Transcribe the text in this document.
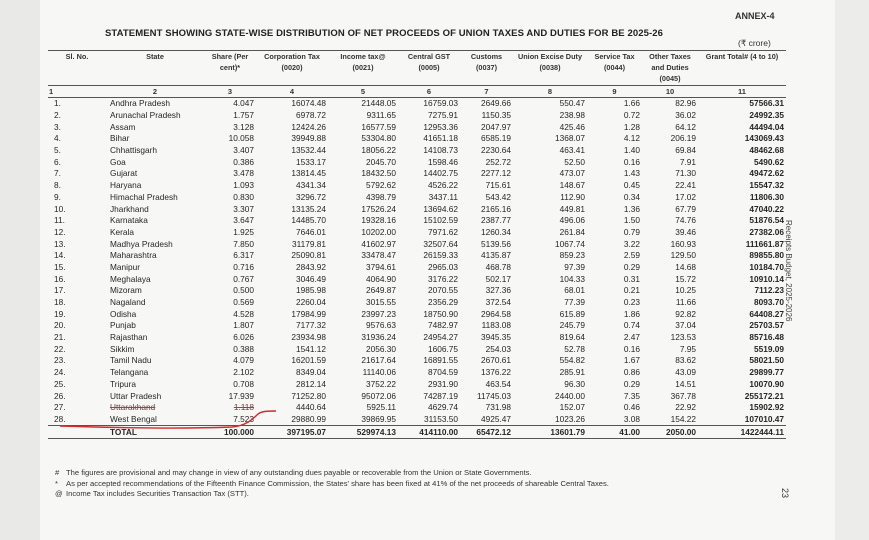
ANNEX-4
STATEMENT SHOWING STATE-WISE DISTRIBUTION OF NET PROCEEDS OF UNION TAXES AND DUTIES FOR BE 2025-26
(₹ crore)
Receipts Budget, 2025-2026
23
Sl. No.	State	Share (Per cent)*	Corporation Tax (0020)	Income tax@ (0021)	Central GST (0005)	Customs (0037)	Union Excise Duty (0038)	Service Tax (0044)	Other Taxes and Duties (0045)	Grant Total# (4 to 10)
1	2	3	4	5	6	7	8	9	10	11
1.	Andhra Pradesh	4.047	16074.48	21448.05	16759.03	2649.66	550.47	1.66	82.96	57566.31
2.	Arunachal Pradesh	1.757	6978.72	9311.65	7275.91	1150.35	238.98	0.72	36.02	24992.35
3.	Assam	3.128	12424.26	16577.59	12953.36	2047.97	425.46	1.28	64.12	44494.04
4.	Bihar	10.058	39949.88	53304.80	41651.18	6585.19	1368.07	4.12	206.19	143069.43
5.	Chhattisgarh	3.407	13532.44	18056.22	14108.73	2230.64	463.41	1.40	69.84	48462.68
6.	Goa	0.386	1533.17	2045.70	1598.46	252.72	52.50	0.16	7.91	5490.62
7.	Gujarat	3.478	13814.45	18432.50	14402.75	2277.12	473.07	1.43	71.30	49472.62
8.	Haryana	1.093	4341.34	5792.62	4526.22	715.61	148.67	0.45	22.41	15547.32
9.	Himachal Pradesh	0.830	3296.72	4398.79	3437.11	543.42	112.90	0.34	17.02	11806.30
10.	Jharkhand	3.307	13135.24	17526.24	13694.62	2165.16	449.81	1.36	67.79	47040.22
11.	Karnataka	3.647	14485.70	19328.16	15102.59	2387.77	496.06	1.50	74.76	51876.54
12.	Kerala	1.925	7646.01	10202.00	7971.62	1260.34	261.84	0.79	39.46	27382.06
13.	Madhya Pradesh	7.850	31179.81	41602.97	32507.64	5139.56	1067.74	3.22	160.93	111661.87
14.	Maharashtra	6.317	25090.81	33478.47	26159.33	4135.87	859.23	2.59	129.50	89855.80
15.	Manipur	0.716	2843.92	3794.61	2965.03	468.78	97.39	0.29	14.68	10184.70
16.	Meghalaya	0.767	3046.49	4064.90	3176.22	502.17	104.33	0.31	15.72	10910.14
17.	Mizoram	0.500	1985.98	2649.87	2070.55	327.36	68.01	0.21	10.25	7112.23
18.	Nagaland	0.569	2260.04	3015.55	2356.29	372.54	77.39	0.23	11.66	8093.70
19.	Odisha	4.528	17984.99	23997.23	18750.90	2964.58	615.89	1.86	92.82	64408.27
20.	Punjab	1.807	7177.32	9576.63	7482.97	1183.08	245.79	0.74	37.04	25703.57
21.	Rajasthan	6.026	23934.98	31936.24	24954.27	3945.35	819.64	2.47	123.53	85716.48
22.	Sikkim	0.388	1541.12	2056.30	1606.75	254.03	52.78	0.16	7.95	5519.09
23.	Tamil Nadu	4.079	16201.59	21617.64	16891.55	2670.61	554.82	1.67	83.62	58021.50
24.	Telangana	2.102	8349.04	11140.06	8704.59	1376.22	285.91	0.86	43.09	29899.77
25.	Tripura	0.708	2812.14	3752.22	2931.90	463.54	96.30	0.29	14.51	10070.90
26.	Uttar Pradesh	17.939	71252.80	95072.06	74287.19	11745.03	2440.00	7.35	367.78	255172.21
27.	Uttarakhand	1.118	4440.64	5925.11	4629.74	731.98	152.07	0.46	22.92	15902.92
28.	West Bengal	7.523	29880.99	39869.95	31153.50	4925.47	1023.26	3.08	154.22	107010.47
	TOTAL	100.000	397195.07	529974.13	414110.00	65472.12	13601.79	41.00	2050.00	1422444.11
# The figures are provisional and may change in view of any outstanding dues payable or recoverable from the Union or State Governments.
* As per accepted recommendations of the Fifteenth Finance Commission, the States' share has been fixed at 41% of the net proceeds of shareable Central Taxes.
@ Income Tax includes Securities Transaction Tax (STT).
